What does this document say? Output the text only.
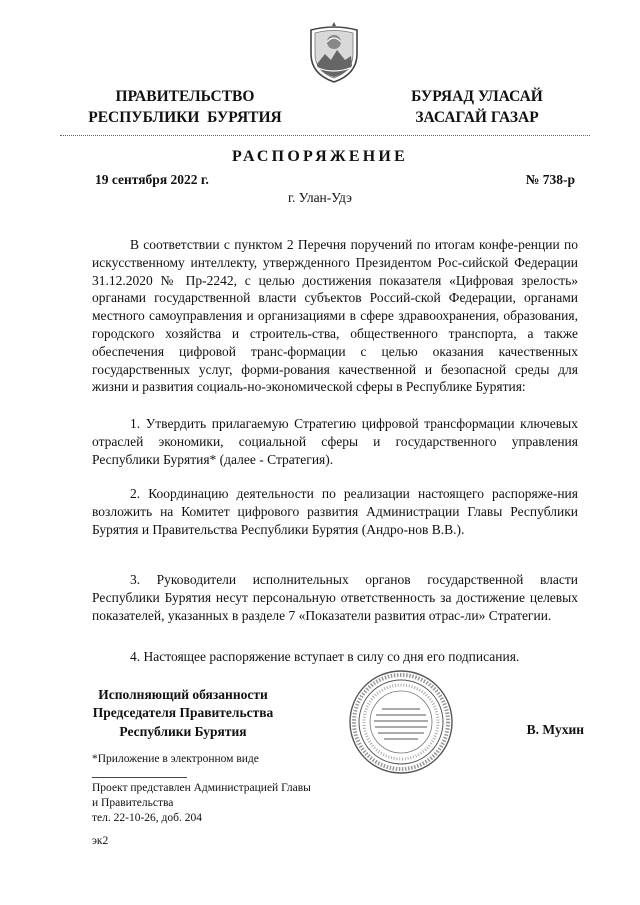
ПРАВИТЕЛЬСТВО
РЕСПУБЛИКИ  БУРЯТИЯ
БУРЯАД УЛАСАЙ
ЗАСАГАЙ ГАЗАР
РАСПОРЯЖЕНИЕ
19 сентября 2022 г.	№ 738-р
г. Улан-Удэ
В соответствии с пунктом 2 Перечня поручений по итогам конфе-ренции по искусственному интеллекту, утвержденного Президентом Рос-сийской Федерации 31.12.2020 № Пр-2242, с целью достижения показателя «Цифровая зрелость» органами государственной власти субъектов Россий-ской Федерации, органами местного самоуправления и организациями в сфере здравоохранения, образования, городского хозяйства и строитель-ства, общественного транспорта, а также обеспечения цифровой транс-формации с целью оказания качественных государственных услуг, форми-рования качественной и безопасной среды для жизни и развития социаль-но-экономической сферы в Республике Бурятия:
1. Утвердить прилагаемую Стратегию цифровой трансформации ключевых отраслей экономики, социальной сферы и государственного управления Республики Бурятия* (далее - Стратегия).
2. Координацию деятельности по реализации настоящего распоряже-ния возложить на Комитет цифрового развития Администрации Главы Республики Бурятия и Правительства Республики Бурятия (Андро-нов В.В.).
3. Руководители исполнительных органов государственной власти Республики Бурятия несут персональную ответственность за достижение целевых показателей, указанных в разделе 7 «Показатели развития отрас-ли» Стратегии.
4. Настоящее распоряжение вступает в силу со дня его подписания.
Исполняющий обязанности
Председателя Правительства
Республики Бурятия	В. Мухин
*Приложение в электронном виде
Проект представлен Администрацией Главы
и Правительства
тел. 22-10-26, доб. 204
эк2
